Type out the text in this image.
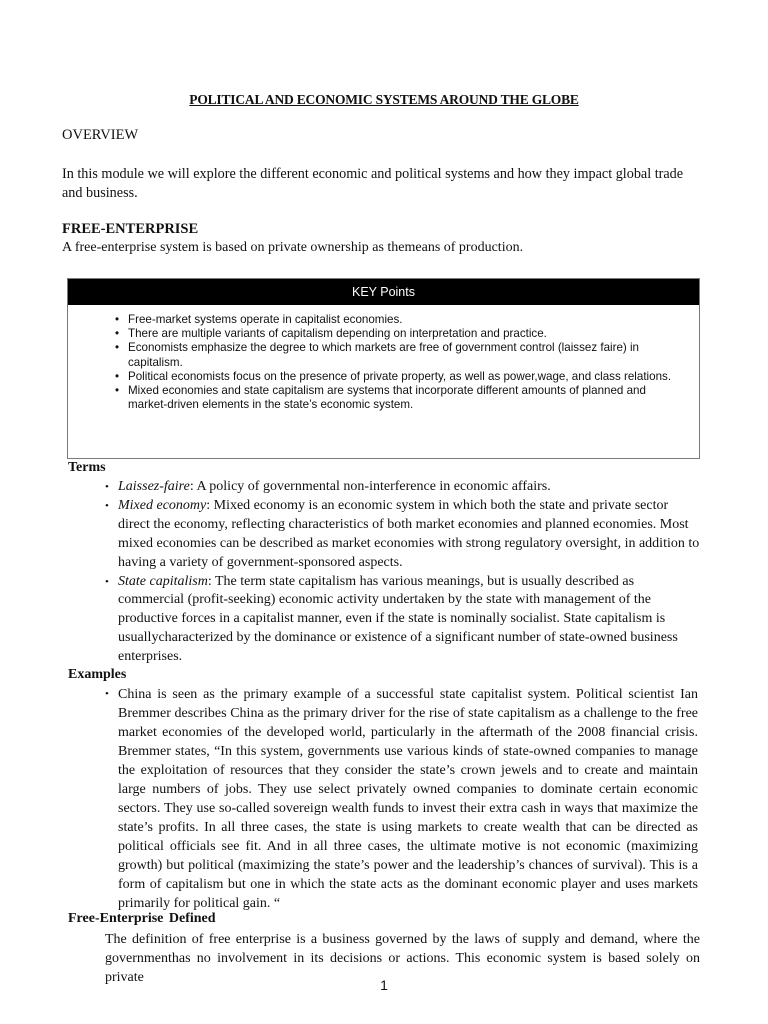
POLITICAL AND ECONOMIC SYSTEMS AROUND THE GLOBE
OVERVIEW
In this module we will explore the different economic and political systems and how they impact global trade and business.
FREE-ENTERPRISE
A free-enterprise system is based on private ownership as themeans of production.
KEY Points
• Free-market systems operate in capitalist economies.
• There are multiple variants of capitalism depending on interpretation and practice.
• Economists emphasize the degree to which markets are free of government control (laissez faire) in capitalism.
• Political economists focus on the presence of private property, as well as power,wage, and class relations.
• Mixed economies and state capitalism are systems that incorporate different amounts of planned and market-driven elements in the state’s economic system.
Terms
• Laissez-faire: A policy of governmental non-interference in economic affairs.
• Mixed economy: Mixed economy is an economic system in which both the state and private sector direct the economy, reflecting characteristics of both market economies and planned economies. Most mixed economies can be described as market economies with strong regulatory oversight, in addition to having a variety of government-sponsored aspects.
• State capitalism: The term state capitalism has various meanings, but is usually described as commercial (profit-seeking) economic activity undertaken by the state with management of the productive forces in a capitalist manner, even if the state is nominally socialist. State capitalism is usuallycharacterized by the dominance or existence of a significant number of state-owned business enterprises.
Examples
• China is seen as the primary example of a successful state capitalist system. Political scientist Ian Bremmer describes China as the primary driver for the rise of state capitalism as a challenge to the free market economies of the developed world, particularly in the aftermath of the 2008 financial crisis. Bremmer states, “In this system, governments use various kinds of state-owned companies to manage the exploitation of resources that they consider the state’s crown jewels and to create and maintain large numbers of jobs. They use select privately owned companies to dominate certain economic sectors. They use so-called sovereign wealth funds to invest their extra cash in ways that maximize the state’s profits. In all three cases, the state is using markets to create wealth that can be directed as political officials see fit. And in all three cases, the ultimate motive is not economic (maximizing growth) but political (maximizing the state’s power and the leadership’s chances of survival). This is a form of capitalism but one in which the state acts as the dominant economic player and uses markets primarily for political gain. “
Free-Enterprise Defined
The definition of free enterprise is a business governed by the laws of supply and demand, where the governmenthas no involvement in its decisions or actions. This economic system is based solely on private	1
